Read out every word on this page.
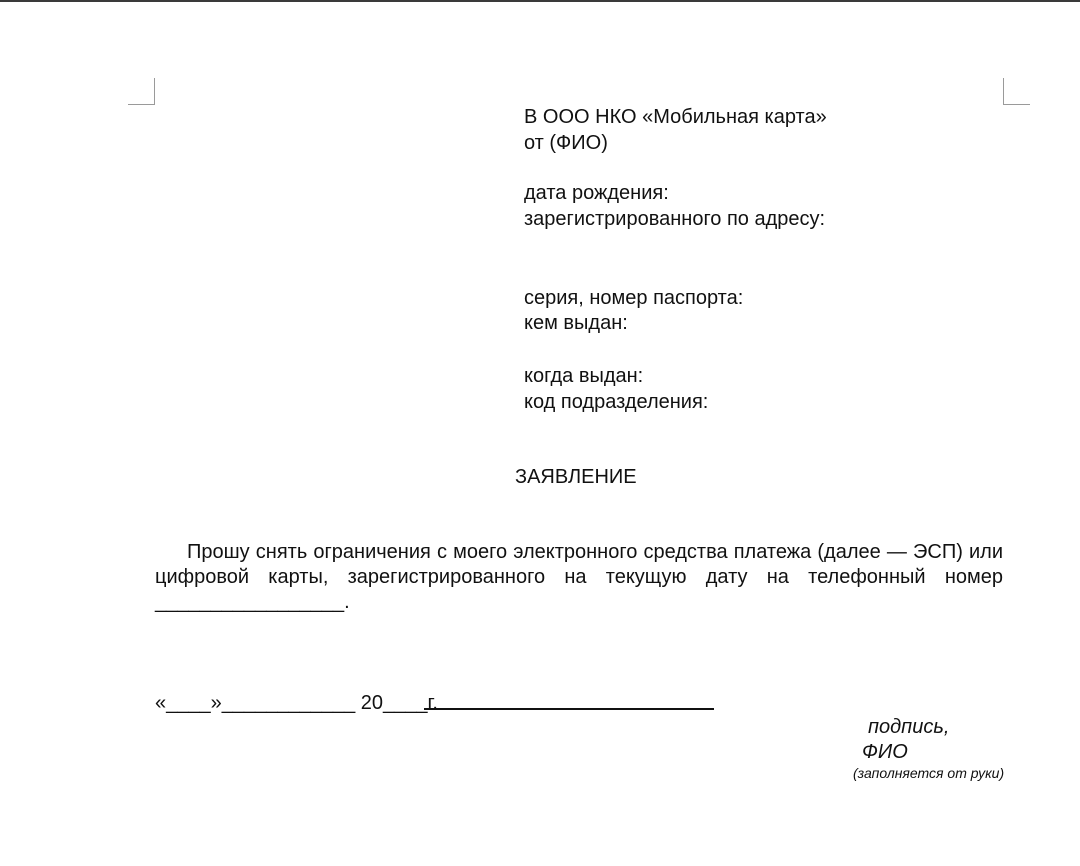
В ООО НКО «Мобильная карта»
от (ФИО)
дата рождения:
зарегистрированного по адресу:
серия, номер паспорта:
кем выдан:
когда выдан:
код подразделения:
ЗАЯВЛЕНИЕ
Прошу снять ограничения с моего электронного средства платежа (далее — ЭСП) или цифровой карты, зарегистрированного на текущую дату на телефонный номер _________________.
«____»____________ 20____г.
подпись,
ФИО
(заполняется от руки)
